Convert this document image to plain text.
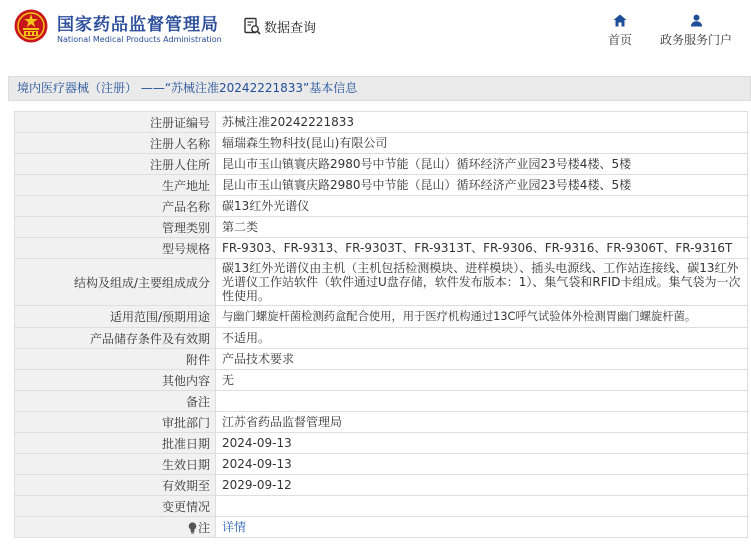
国家药品监督管理局
National Medical Products Administration
数据查询
首页	政务服务门户
境内医疗器械（注册） ——“苏械注准20242221833”基本信息
注册证编号	苏械注准20242221833
注册人名称	辐瑞森生物科技(昆山)有限公司
注册人住所	昆山市玉山镇寰庆路2980号中节能（昆山）循环经济产业园23号楼4楼、5楼
生产地址	昆山市玉山镇寰庆路2980号中节能（昆山）循环经济产业园23号楼4楼、5楼
产品名称	碳13红外光谱仪
管理类别	第二类
型号规格	FR-9303、FR-9313、FR-9303T、FR-9313T、FR-9306、FR-9316、FR-9306T、FR-9316T
结构及组成/主要组成成分	碳13红外光谱仪由主机（主机包括检测模块、进样模块）、插头电源线、工作站连接线、碳13红外光谱仪工作站软件（软件通过U盘存储，软件发布版本：1）、集气袋和RFID卡组成。集气袋为一次性使用。
适用范围/预期用途	与幽门螺旋杆菌检测药盒配合使用，用于医疗机构通过13C呼气试验体外检测胃幽门螺旋杆菌。
产品储存条件及有效期	不适用。
附件	产品技术要求
其他内容	无
备注	
审批部门	江苏省药品监督管理局
批准日期	2024-09-13
生效日期	2024-09-13
有效期至	2029-09-12
变更情况	
注	详情
